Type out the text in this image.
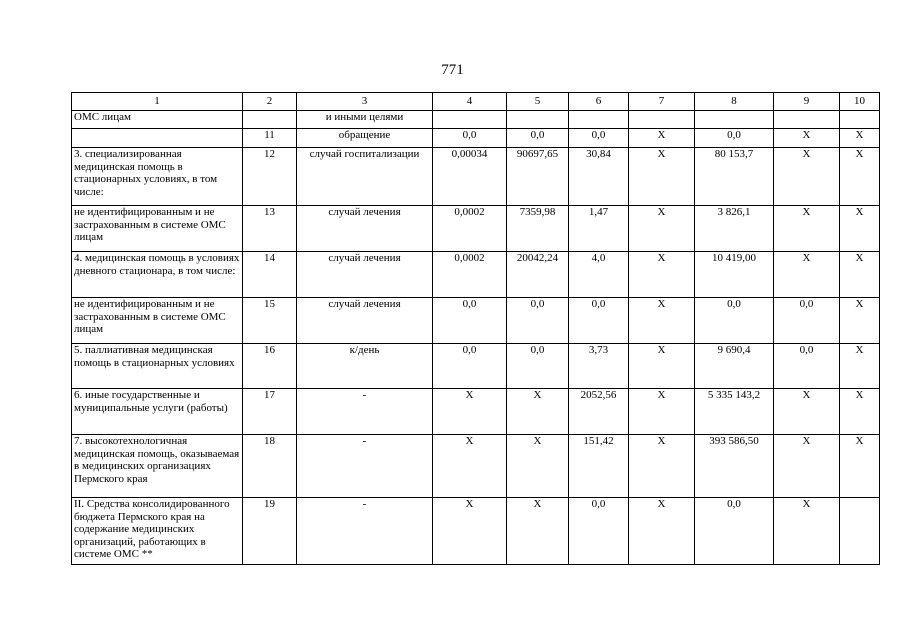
771
1	2	3	4	5	6	7	8	9	10
ОМС лицам		и иными целями							
	11	обращение	0,0	0,0	0,0	X	0,0	X	X
3. специализированная медицинская помощь в стационарных условиях, в том числе:	12	случай госпитализации	0,00034	90697,65	30,84	X	80 153,7	X	X
не идентифицированным и не застрахованным в системе ОМС лицам	13	случай лечения	0,0002	7359,98	1,47	X	3 826,1	X	X
4. медицинская помощь в условиях дневного стационара, в том числе:	14	случай лечения	0,0002	20042,24	4,0	X	10 419,00	X	X
не идентифицированным и не застрахованным в системе ОМС лицам	15	случай лечения	0,0	0,0	0,0	X	0,0	0,0	X
5. паллиативная медицинская помощь в стационарных условиях	16	к/день	0,0	0,0	3,73	X	9 690,4	0,0	X
6. иные государственные и муниципальные услуги (работы)	17	-	X	X	2052,56	X	5 335 143,2	X	X
7. высокотехнологичная медицинская помощь, оказываемая в медицинских организациях Пермского края	18	-	X	X	151,42	X	393 586,50	X	X
II. Средства консолидированного бюджета Пермского края на содержание медицинских организаций, работающих в системе ОМС **	19	-	X	X	0,0	X	0,0	X	
